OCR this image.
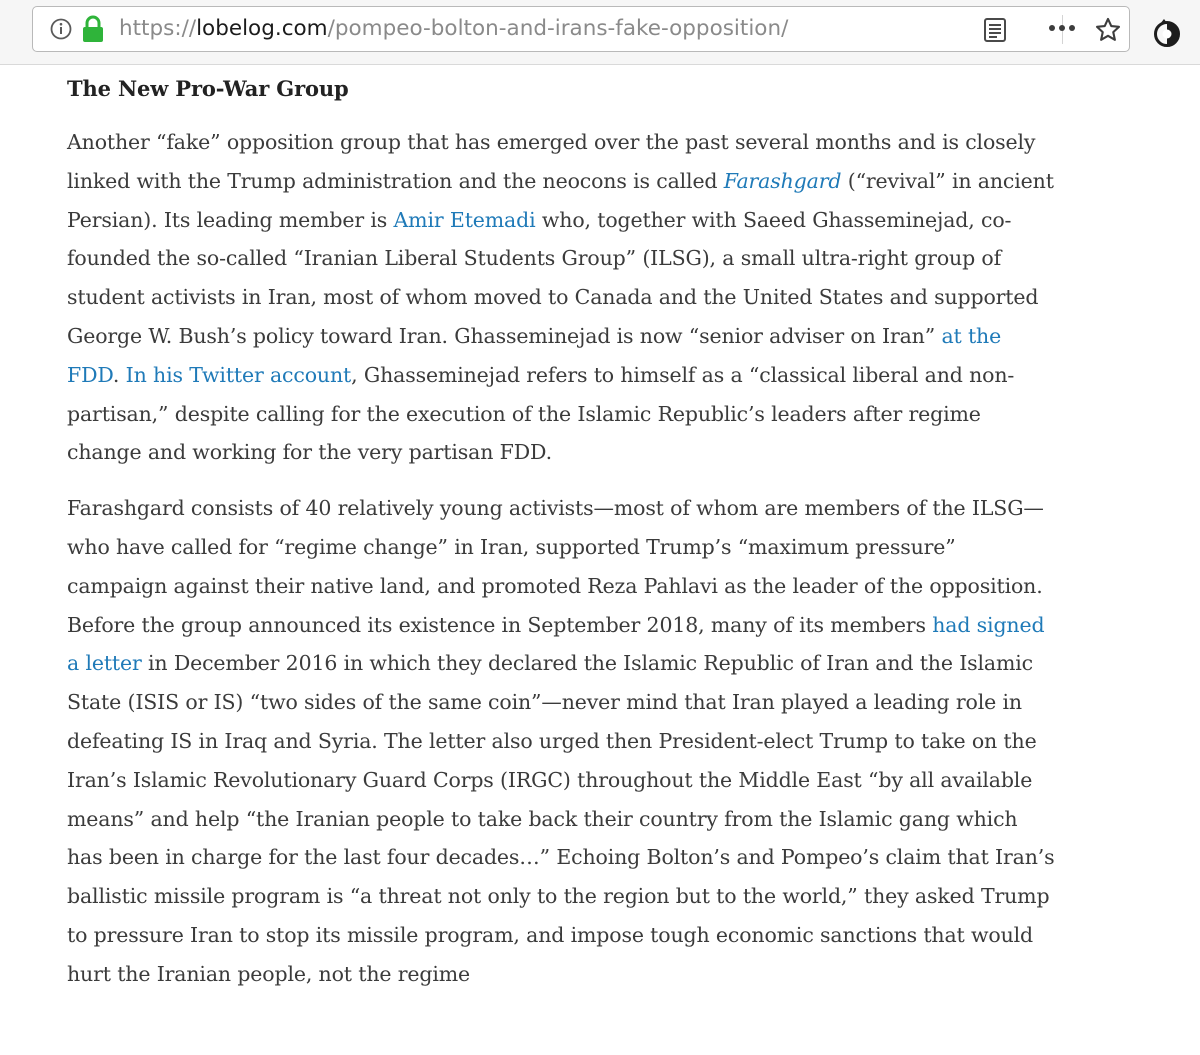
https://lobelog.com/pompeo-bolton-and-irans-fake-opposition/
The New Pro-War Group

Another “fake” opposition group that has emerged over the past several months and is closely linked with the Trump administration and the neocons is called Farashgard (“revival” in ancient Persian). Its leading member is Amir Etemadi who, together with Saeed Ghasseminejad, co-founded the so-called “Iranian Liberal Students Group” (ILSG), a small ultra-right group of student activists in Iran, most of whom moved to Canada and the United States and supported George W. Bush’s policy toward Iran. Ghasseminejad is now “senior adviser on Iran” at the FDD. In his Twitter account, Ghasseminejad refers to himself as a “classical liberal and non-partisan,” despite calling for the execution of the Islamic Republic’s leaders after regime change and working for the very partisan FDD.

Farashgard consists of 40 relatively young activists—most of whom are members of the ILSG—who have called for “regime change” in Iran, supported Trump’s “maximum pressure” campaign against their native land, and promoted Reza Pahlavi as the leader of the opposition. Before the group announced its existence in September 2018, many of its members had signed a letter in December 2016 in which they declared the Islamic Republic of Iran and the Islamic State (ISIS or IS) “two sides of the same coin”—never mind that Iran played a leading role in defeating IS in Iraq and Syria. The letter also urged then President-elect Trump to take on the Iran’s Islamic Revolutionary Guard Corps (IRGC) throughout the Middle East “by all available means” and help “the Iranian people to take back their country from the Islamic gang which has been in charge for the last four decades…” Echoing Bolton’s and Pompeo’s claim that Iran’s ballistic missile program is “a threat not only to the region but to the world,” they asked Trump to pressure Iran to stop its missile program, and impose tough economic sanctions that would hurt the Iranian people, not the regime
